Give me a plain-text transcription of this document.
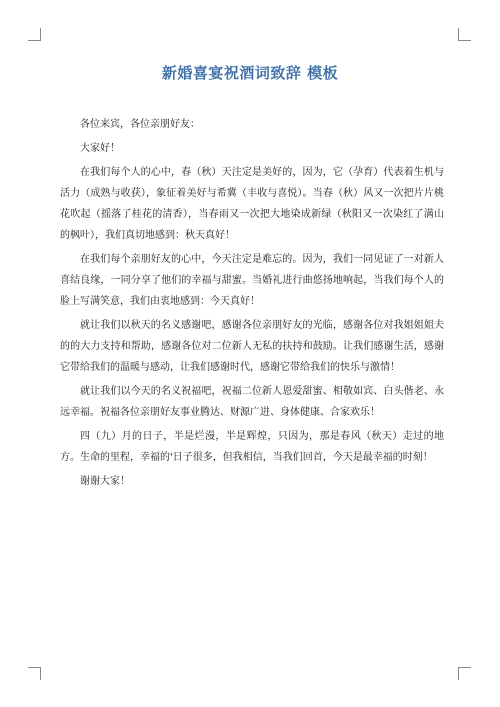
新婚喜宴祝酒词致辞 模板

各位来宾，各位亲朋好友：

大家好！

在我们每个人的心中，春（秋）天注定是美好的，因为，它（孕育）代表着生机与活力（成熟与收获），象征着美好与希冀（丰收与喜悦）。当春（秋）风又一次把片片桃花吹起（摇落了桂花的清香），当春雨又一次把大地染成新绿（秋阳又一次染红了满山的枫叶），我们真切地感到：秋天真好！

在我们每个亲朋好友的心中，今天注定是难忘的。因为，我们一同见证了一对新人喜结良缘，一同分享了他们的幸福与甜蜜。当婚礼进行曲悠扬地响起，当我们每个人的脸上写满笑意，我们由衷地感到：今天真好！

就让我们以秋天的名义感谢吧，感谢各位亲朋好友的光临，感谢各位对我姐姐姐夫的的大力支持和帮助，感谢各位对二位新人无私的扶持和鼓励。让我们感谢生活，感谢它带给我们的温暖与感动，让我们感谢时代，感谢它带给我们的快乐与激情！

就让我们以今天的名义祝福吧，祝福二位新人恩爱甜蜜、相敬如宾、白头偕老、永远幸福。祝福各位亲朋好友事业腾达、财源广进、身体健康、合家欢乐！

四（九）月的日子，半是烂漫，半是辉煌，只因为，那是春风（秋天）走过的地方。生命的里程，幸福的'日子很多，但我相信，当我们回首，今天是最幸福的时刻！

谢谢大家！
